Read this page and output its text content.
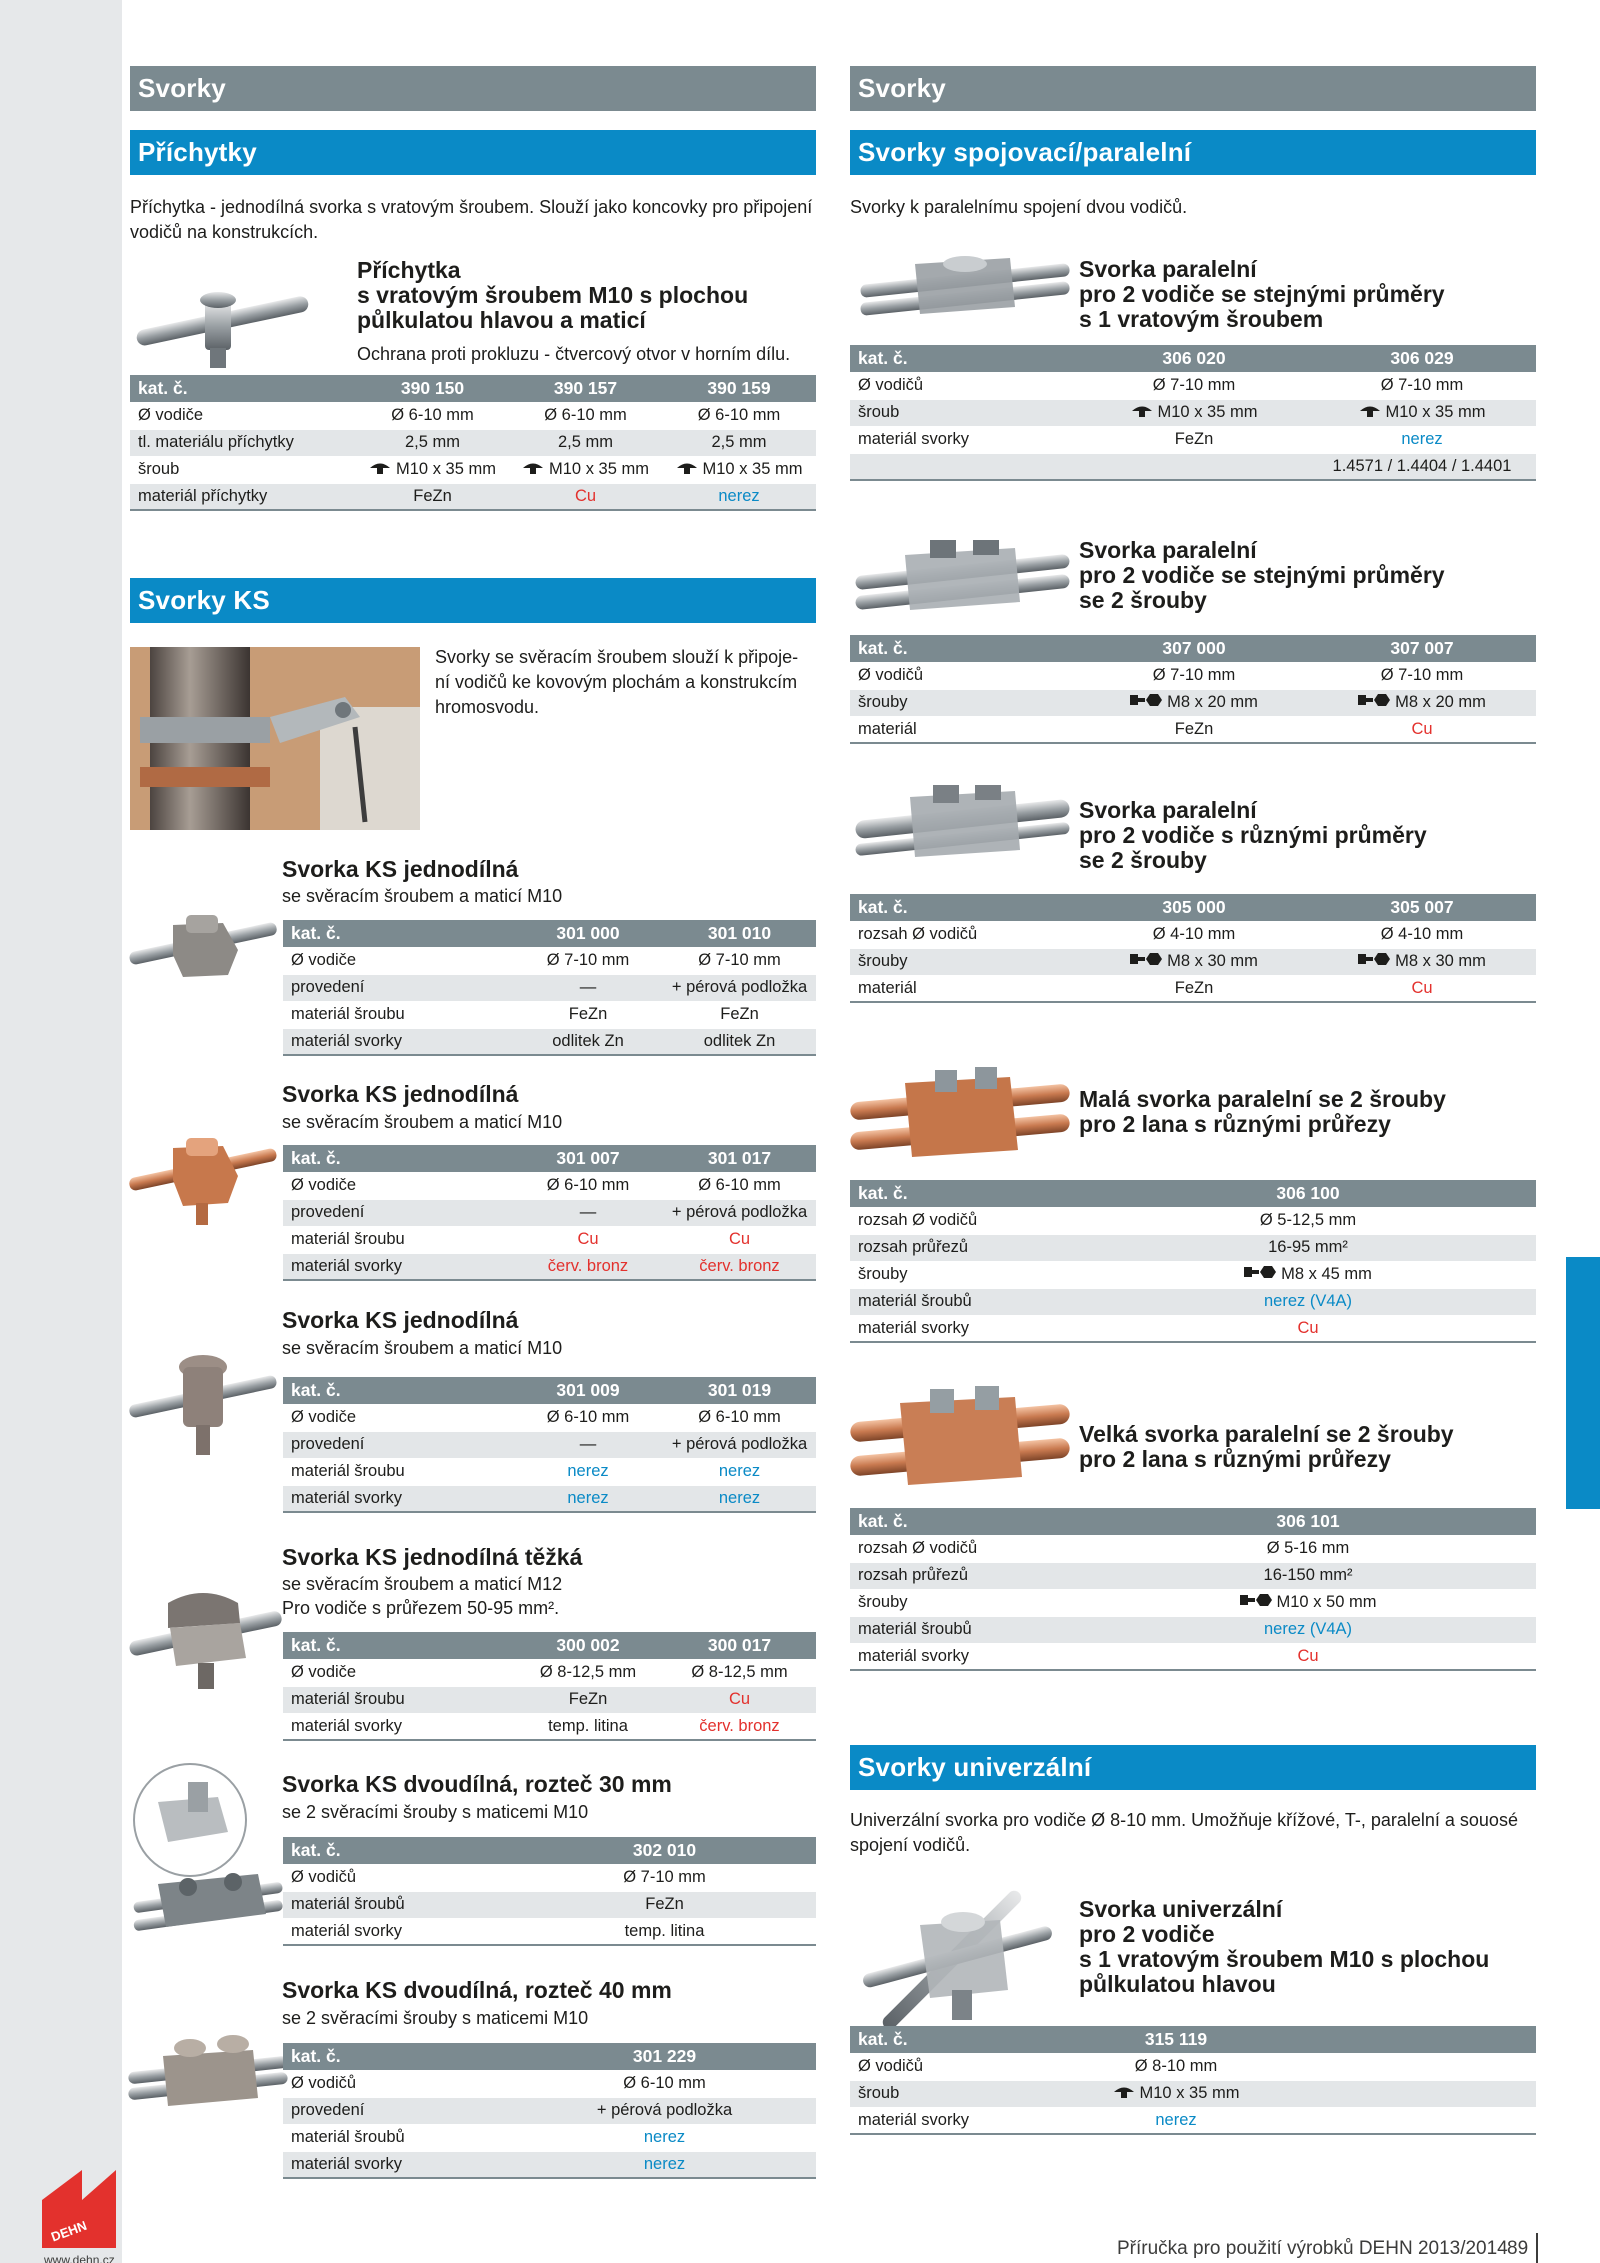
Svorky
Příchytky
Příchytka - jednodílná svorka s vratovým šroubem. Slouží jako koncovky pro připojení vodičů na konstrukcích.
Příchytka
s vratovým šroubem M10 s plochou
půlkulatou hlavou a maticí
Ochrana proti prokluzu - čtvercový otvor v horním dílu.
kat. č.	390 150	390 157	390 159
Ø vodiče	Ø 6-10 mm	Ø 6-10 mm	Ø 6-10 mm
tl. materiálu příchytky	2,5 mm	2,5 mm	2,5 mm
šroub	M10 x 35 mm	M10 x 35 mm	M10 x 35 mm
materiál příchytky	FeZn	Cu	nerez
Svorky KS
Svorky se svěracím šroubem slouží k připoje-
ní vodičů ke kovovým plochám a konstrukcím
hromosvodu.
Svorka KS jednodílná
se svěracím šroubem a maticí M10
kat. č.	301 000	301 010
Ø vodiče	Ø 7-10 mm	Ø 7-10 mm
provedení	—	+ pérová podložka
materiál šroubu	FeZn	FeZn
materiál svorky	odlitek Zn	odlitek Zn
Svorka KS jednodílná
se svěracím šroubem a maticí M10
kat. č.	301 007	301 017
Ø vodiče	Ø 6-10 mm	Ø 6-10 mm
provedení	—	+ pérová podložka
materiál šroubu	Cu	Cu
materiál svorky	červ. bronz	červ. bronz
Svorka KS jednodílná
se svěracím šroubem a maticí M10
kat. č.	301 009	301 019
Ø vodiče	Ø 6-10 mm	Ø 6-10 mm
provedení	—	+ pérová podložka
materiál šroubu	nerez	nerez
materiál svorky	nerez	nerez
Svorka KS jednodílná těžká
se svěracím šroubem a maticí M12
Pro vodiče s průřezem 50-95 mm².
kat. č.	300 002	300 017
Ø vodiče	Ø 8-12,5 mm	Ø 8-12,5 mm
materiál šroubu	FeZn	Cu
materiál svorky	temp. litina	červ. bronz
Svorka KS dvoudílná, rozteč 30 mm
se 2 svěracími šrouby s maticemi M10
kat. č.	302 010
Ø vodičů	Ø 7-10 mm
materiál šroubů	FeZn
materiál svorky	temp. litina
Svorka KS dvoudílná, rozteč 40 mm
se 2 svěracími šrouby s maticemi M10
kat. č.	301 229
Ø vodičů	Ø 6-10 mm
provedení	+ pérová podložka
materiál šroubů	nerez
materiál svorky	nerez
Svorky
Svorky spojovací/paralelní
Svorky k paralelnímu spojení dvou vodičů.
Svorka paralelní
pro 2 vodiče se stejnými průměry
s 1 vratovým šroubem
kat. č.	306 020	306 029
Ø vodičů	Ø 7-10 mm	Ø 7-10 mm
šroub	M10 x 35 mm	M10 x 35 mm
materiál svorky	FeZn	nerez
		1.4571 / 1.4404 / 1.4401
Svorka paralelní
pro 2 vodiče se stejnými průměry
se 2 šrouby
kat. č.	307 000	307 007
Ø vodičů	Ø 7-10 mm	Ø 7-10 mm
šrouby	M8 x 20 mm	M8 x 20 mm
materiál	FeZn	Cu
Svorka paralelní
pro 2 vodiče s různými průměry
se 2 šrouby
kat. č.	305 000	305 007
rozsah Ø vodičů	Ø 4-10 mm	Ø 4-10 mm
šrouby	M8 x 30 mm	M8 x 30 mm
materiál	FeZn	Cu
Malá svorka paralelní se 2 šrouby
pro 2 lana s různými průřezy
kat. č.	306 100
rozsah Ø vodičů	Ø 5-12,5 mm
rozsah průřezů	16-95 mm²
šrouby	M8 x 45 mm
materiál šroubů	nerez (V4A)
materiál svorky	Cu
Velká svorka paralelní se 2 šrouby
pro 2 lana s různými průřezy
kat. č.	306 101
rozsah Ø vodičů	Ø 5-16 mm
rozsah průřezů	16-150 mm²
šrouby	M10 x 50 mm
materiál šroubů	nerez (V4A)
materiál svorky	Cu
Svorky univerzální
Univerzální svorka pro vodiče Ø 8-10 mm. Umožňuje křížové, T-, paralelní a souosé spojení vodičů.
Svorka univerzální
pro 2 vodiče
s 1 vratovým šroubem M10 s plochou
půlkulatou hlavou
kat. č.	315 119	
Ø vodičů	Ø 8-10 mm	
šroub	M10 x 35 mm	
materiál svorky	nerez	
DEHN
www.dehn.cz
Příručka pro použití výrobků DEHN 2013/2014 89
